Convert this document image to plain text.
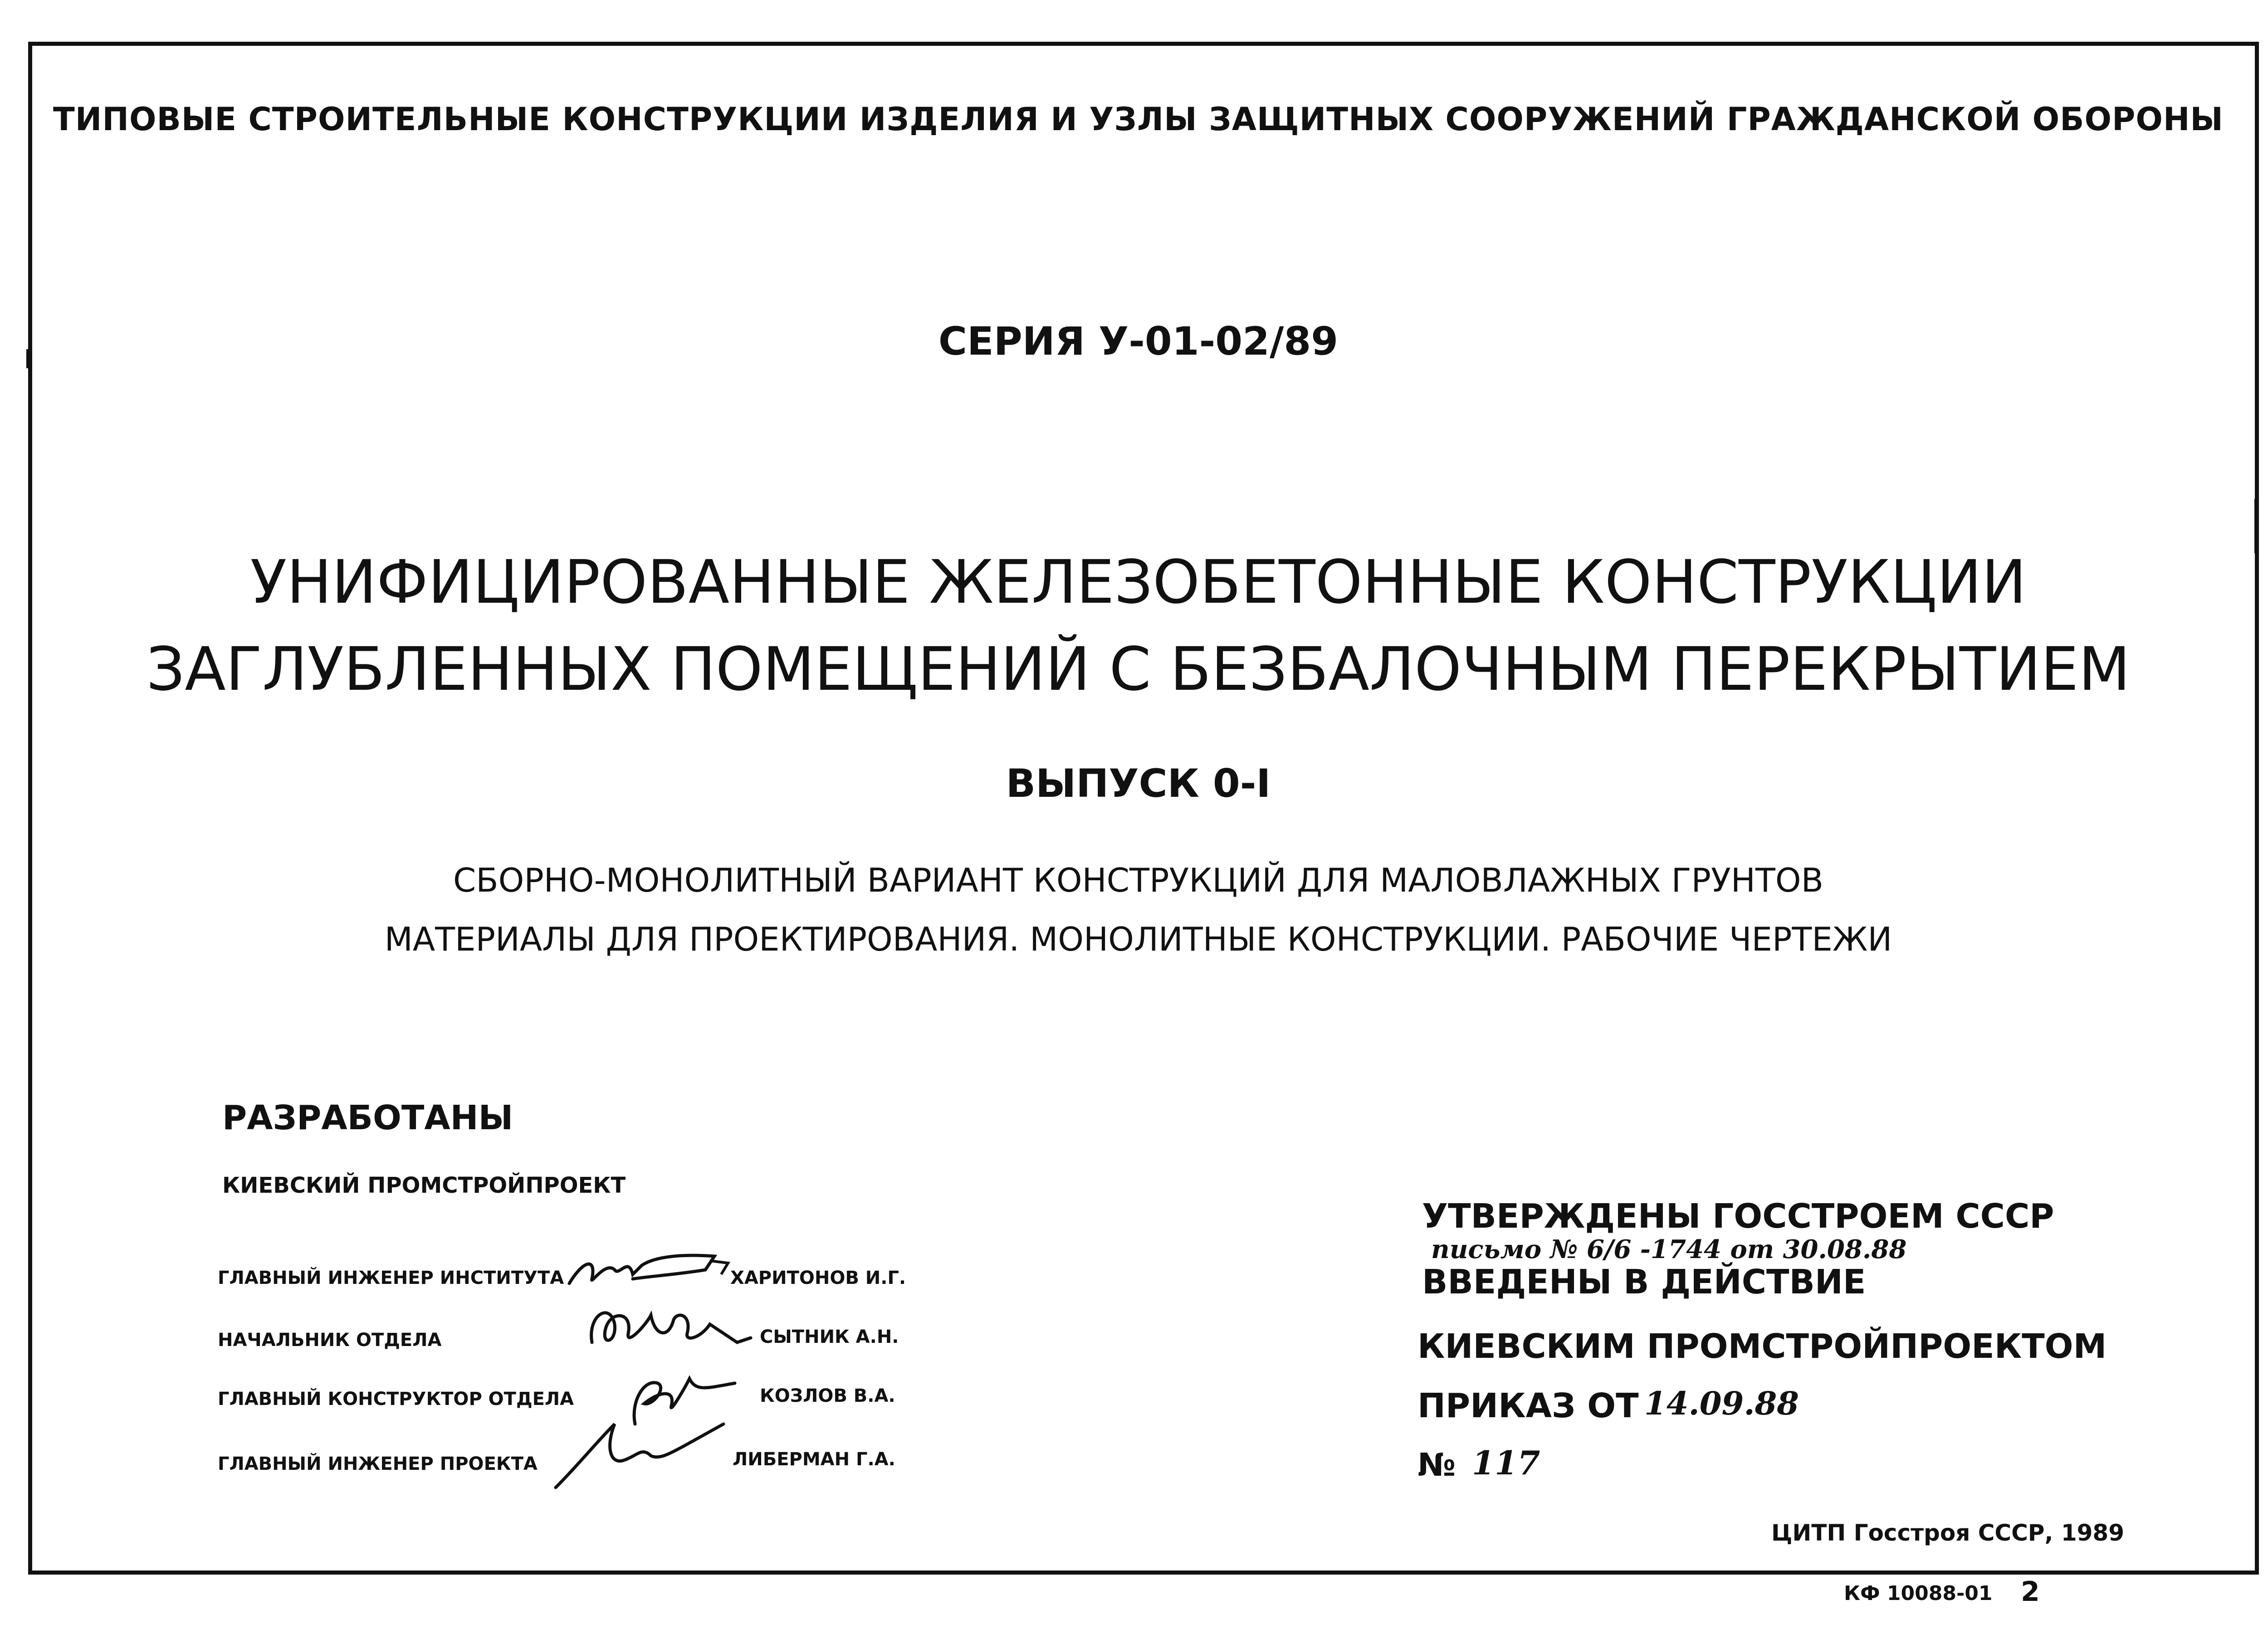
ТИПОВЫЕ СТРОИТЕЛЬНЫЕ КОНСТРУКЦИИ ИЗДЕЛИЯ И УЗЛЫ ЗАЩИТНЫХ СООРУЖЕНИЙ ГРАЖДАНСКОЙ ОБОРОНЫ
СЕРИЯ У-01-02/89
УНИФИЦИРОВАННЫЕ ЖЕЛЕЗОБЕТОННЫЕ КОНСТРУКЦИИ
ЗАГЛУБЛЕННЫХ ПОМЕЩЕНИЙ С БЕЗБАЛОЧНЫМ ПЕРЕКРЫТИЕМ
ВЫПУСК 0-I
СБОРНО-МОНОЛИТНЫЙ ВАРИАНТ КОНСТРУКЦИЙ ДЛЯ МАЛОВЛАЖНЫХ ГРУНТОВ
МАТЕРИАЛЫ ДЛЯ ПРОЕКТИРОВАНИЯ. МОНОЛИТНЫЕ КОНСТРУКЦИИ. РАБОЧИЕ ЧЕРТЕЖИ
РАЗРАБОТАНЫ
КИЕВСКИЙ ПРОМСТРОЙПРОЕКТ
ГЛАВНЫЙ ИНЖЕНЕР ИНСТИТУТА	ХАРИТОНОВ И.Г.
НАЧАЛЬНИК ОТДЕЛА	СЫТНИК А.Н.
ГЛАВНЫЙ КОНСТРУКТОР ОТДЕЛА	КОЗЛОВ В.А.
ГЛАВНЫЙ ИНЖЕНЕР ПРОЕКТА	ЛИБЕРМАН Г.А.
УТВЕРЖДЕНЫ ГОССТРОЕМ СССР
письмо № 6/6 -1744 от 30.08.88
ВВЕДЕНЫ В ДЕЙСТВИЕ
КИЕВСКИМ ПРОМСТРОЙПРОЕКТОМ
ПРИКАЗ ОТ 14.09.88
№ 117
ЦИТП Госстроя СССР, 1989
КФ 10088-01 2
